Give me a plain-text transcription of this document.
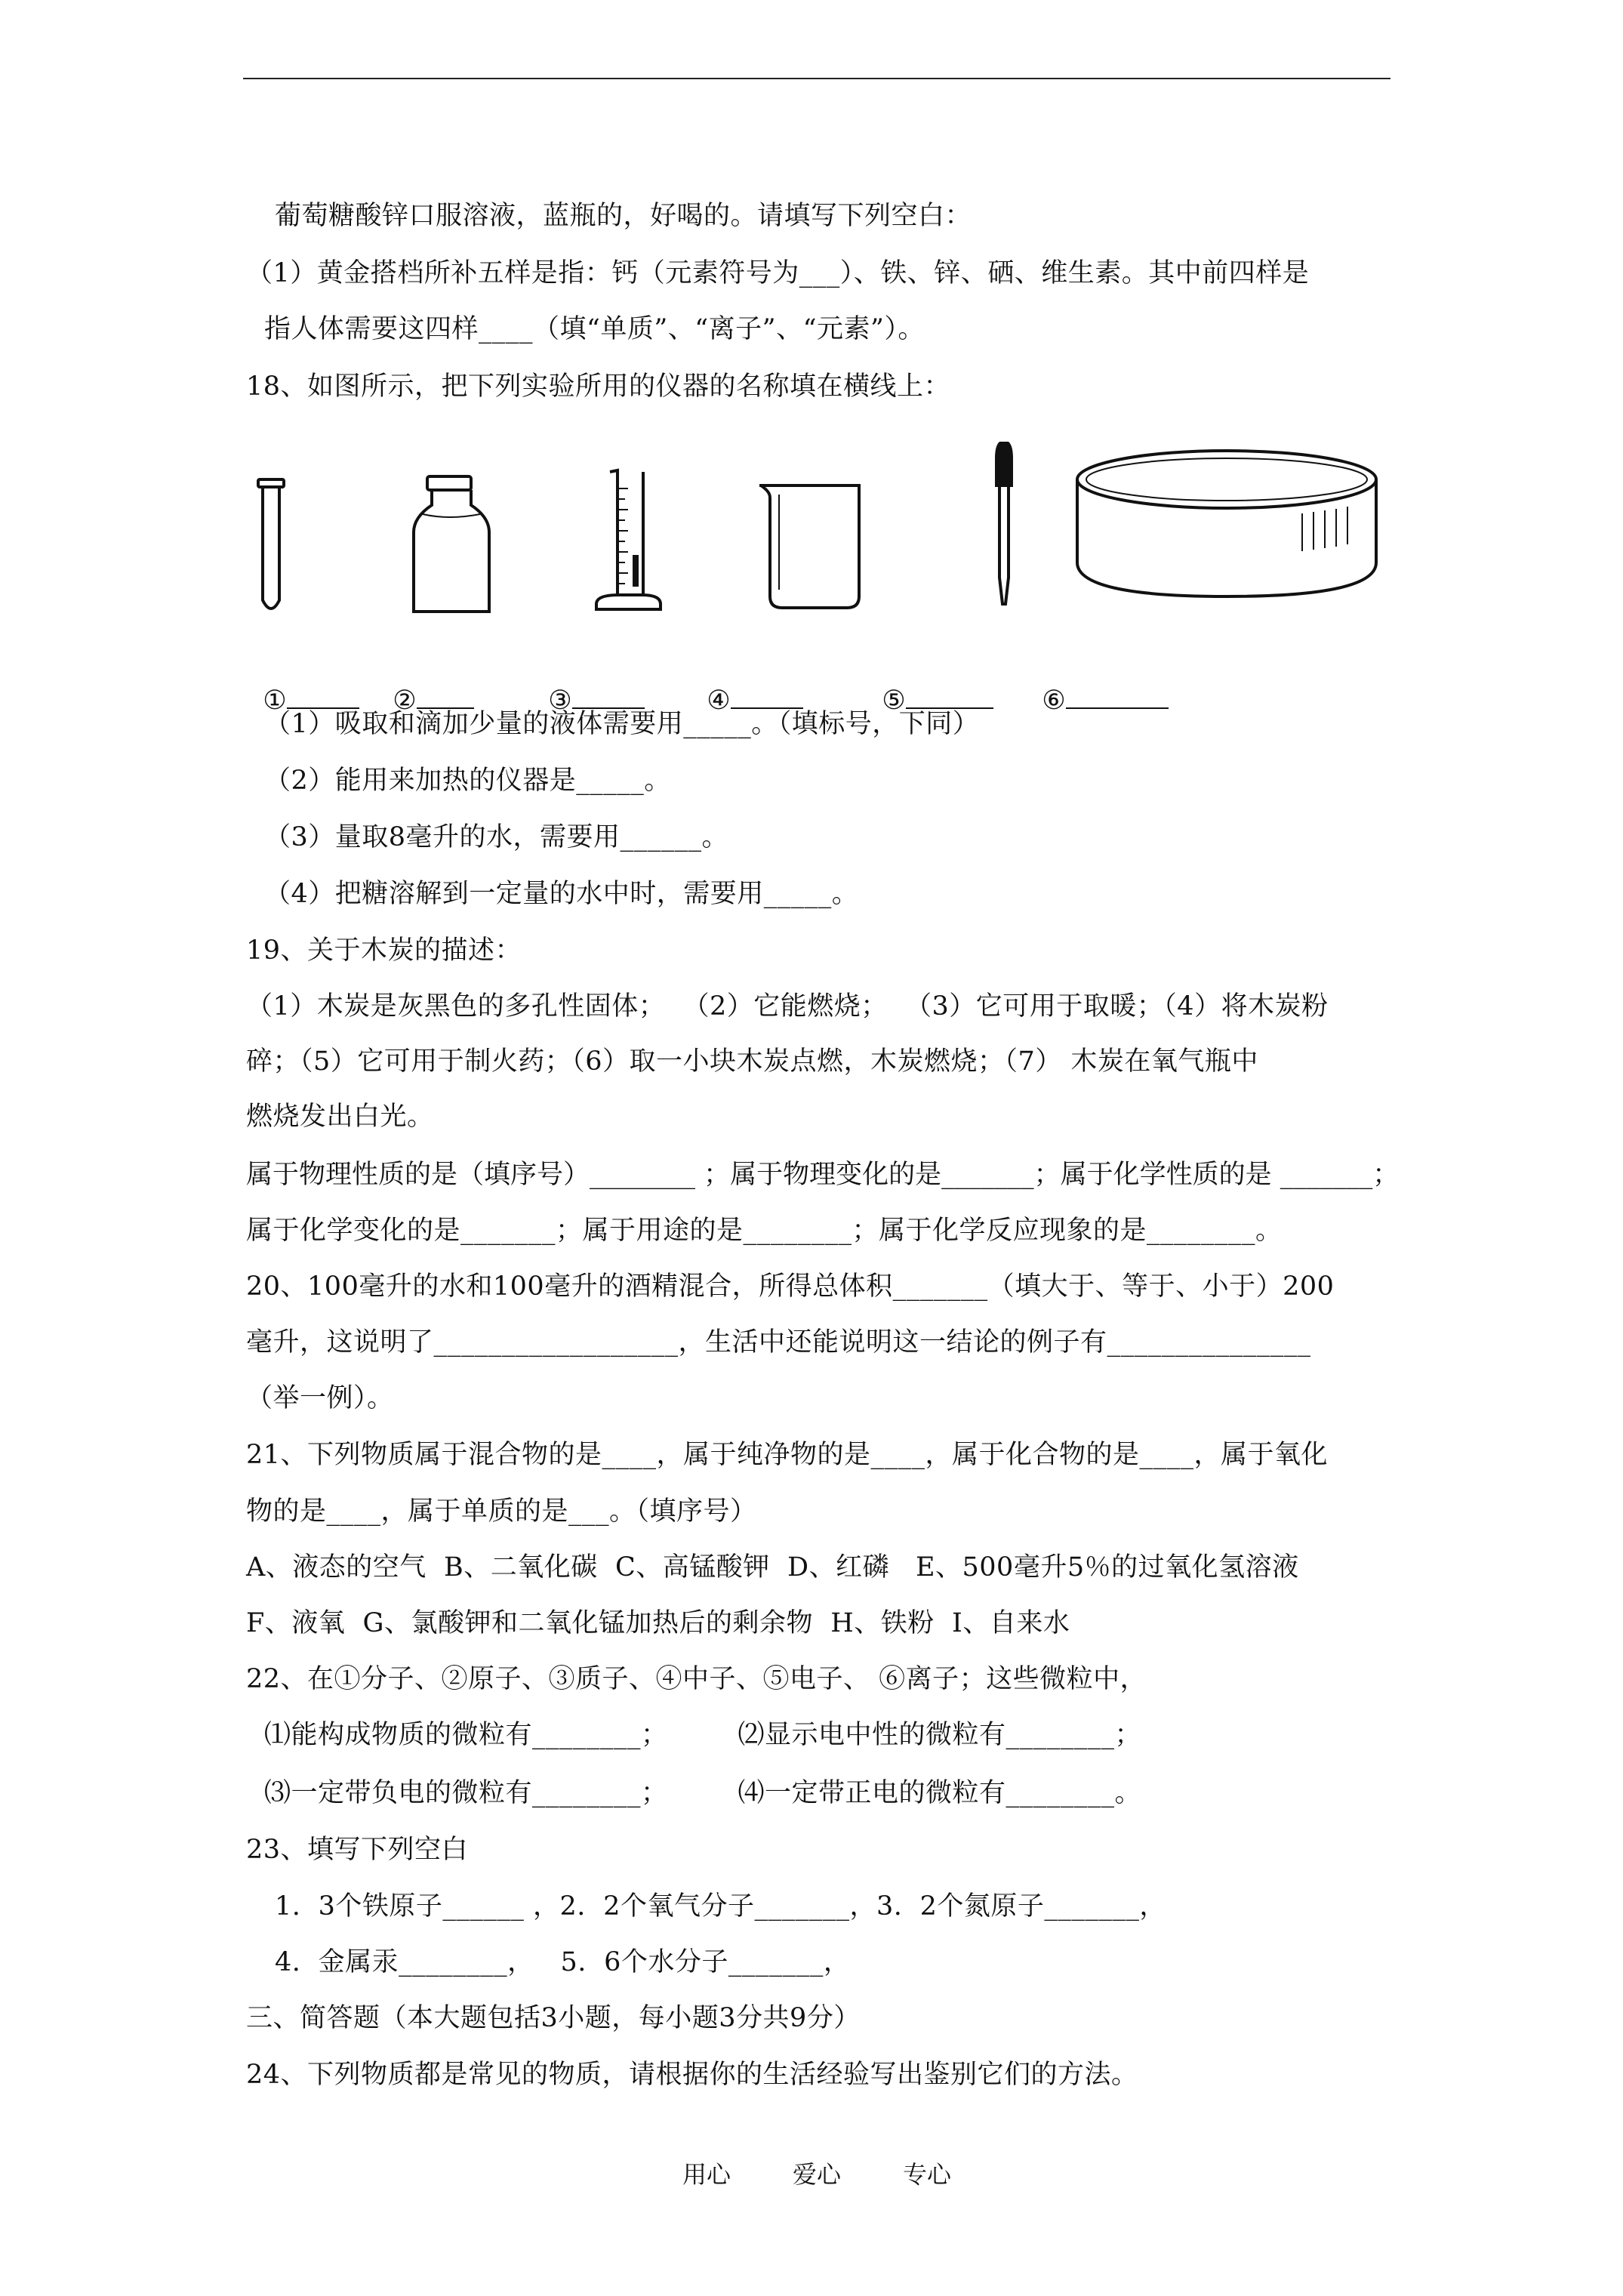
葡萄糖酸锌口服溶液，蓝瓶的，好喝的。请填写下列空白：
（1）黄金搭档所补五样是指：钙（元素符号为___）、铁、锌、硒、维生素。其中前四样是
指人体需要这四样____（填“单质”、“离子”、“元素”）。
18、如图所示，把下列实验所用的仪器的名称填在横线上：

①	②	③	④	⑤	⑥

（1）吸取和滴加少量的液体需要用_____。（填标号，下同）
（2）能用来加热的仪器是_____。
（3）量取8毫升的水，需要用______。
（4）把糖溶解到一定量的水中时，需要用_____。
19、关于木炭的描述：
（1）木炭是灰黑色的多孔性固体；  （2）它能燃烧；  （3）它可用于取暖；（4）将木炭粉
碎；（5）它可用于制火药；（6）取一小块木炭点燃，木炭燃烧；（7） 木炭在氧气瓶中
燃烧发出白光。
属于物理性质的是（填序号）________ ；属于物理变化的是_______；属于化学性质的是 _______；
属于化学变化的是_______；属于用途的是________；属于化学反应现象的是________。
20、100毫升的水和100毫升的酒精混合，所得总体积_______（填大于、等于、小于）200
毫升，这说明了__________________，生活中还能说明这一结论的例子有_______________
（举一例）。
21、下列物质属于混合物的是____，属于纯净物的是____，属于化合物的是____，属于氧化
物的是____，属于单质的是___。（填序号）
A、液态的空气  B、二氧化碳  C、高锰酸钾  D、红磷   E、500毫升5％的过氧化氢溶液
F、液氧  G、氯酸钾和二氧化锰加热后的剩余物  H、铁粉  I、自来水
22、在①分子、②原子、③质子、④中子、⑤电子、 ⑥离子；这些微粒中，
⑴能构成物质的微粒有________；        ⑵显示电中性的微粒有________；
⑶一定带负电的微粒有________；        ⑷一定带正电的微粒有________。
23、填写下列空白
1.  3个铁原子______ ，2.  2个氧气分子_______，3.  2个氮原子_______，
4.  金属汞________，   5.  6个水分子_______，
三、简答题（本大题包括3小题，每小题3分共9分）
24、下列物质都是常见的物质，请根据你的生活经验写出鉴别它们的方法。
用心	爱心	专心
